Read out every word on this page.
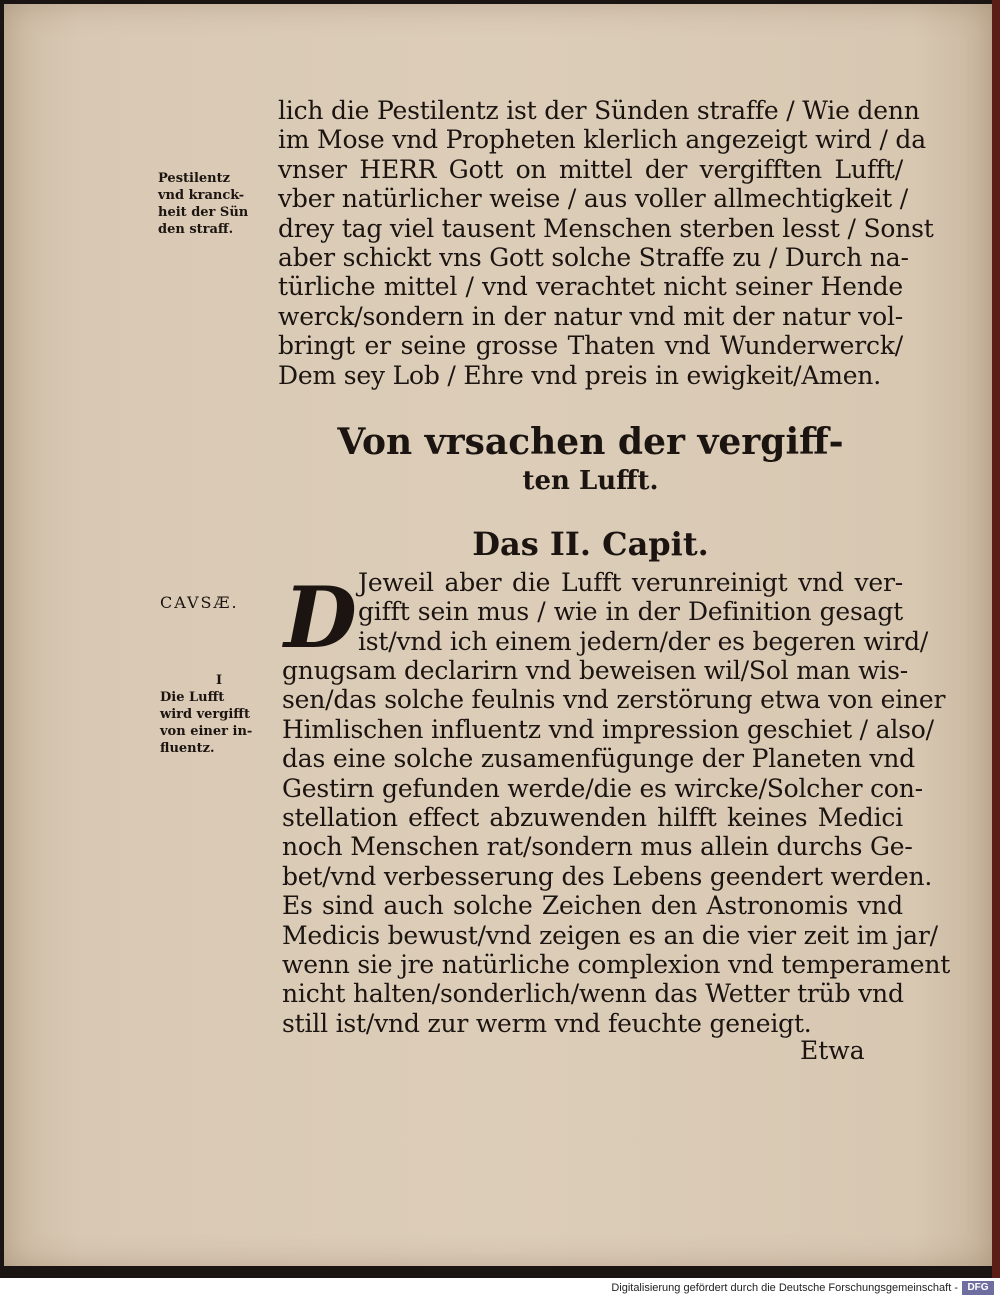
Pestilentz
vnd kranck-
heit der Sün
den straff.
lich die Pestilentz ist der Sünden straffe / Wie denn
im Mose vnd Propheten klerlich angezeigt wird / da
vnser HERR Gott on mittel der vergifften Lufft/
vber natürlicher weise / aus voller allmechtigkeit /
drey tag viel tausent Menschen sterben lesst / Sonst
aber schickt vns Gott solche Straffe zu / Durch na-
türliche mittel / vnd verachtet nicht seiner Hende
werck/sondern in der natur vnd mit der natur vol-
bringt er seine grosse Thaten vnd Wunderwerck/
Dem sey Lob / Ehre vnd preis in ewigkeit/Amen.
Von vrsachen der vergiff-
ten Lufft.
Das II. Capit.
CAVSÆ.
I
Die Lufft
wird vergifft
von einer in-
fluentz.
D Jeweil aber die Lufft verunreinigt vnd ver-
gifft sein mus / wie in der Definition gesagt
ist/vnd ich einem jedern/der es begeren wird/
gnugsam declarirn vnd beweisen wil/Sol man wis-
sen/das solche feulnis vnd zerstörung etwa von einer
Himlischen influentz vnd impression geschiet / also/
das eine solche zusamenfügunge der Planeten vnd
Gestirn gefunden werde/die es wircke/Solcher con-
stellation effect abzuwenden hilfft keines Medici
noch Menschen rat/sondern mus allein durchs Ge-
bet/vnd verbesserung des Lebens geendert werden.
Es sind auch solche Zeichen den Astronomis vnd
Medicis bewust/vnd zeigen es an die vier zeit im jar/
wenn sie jre natürliche complexion vnd temperament
nicht halten/sonderlich/wenn das Wetter trüb vnd
still ist/vnd zur werm vnd feuchte geneigt.
Etwa
Digitalisierung gefördert durch die Deutsche Forschungsgemeinschaft - DFG
